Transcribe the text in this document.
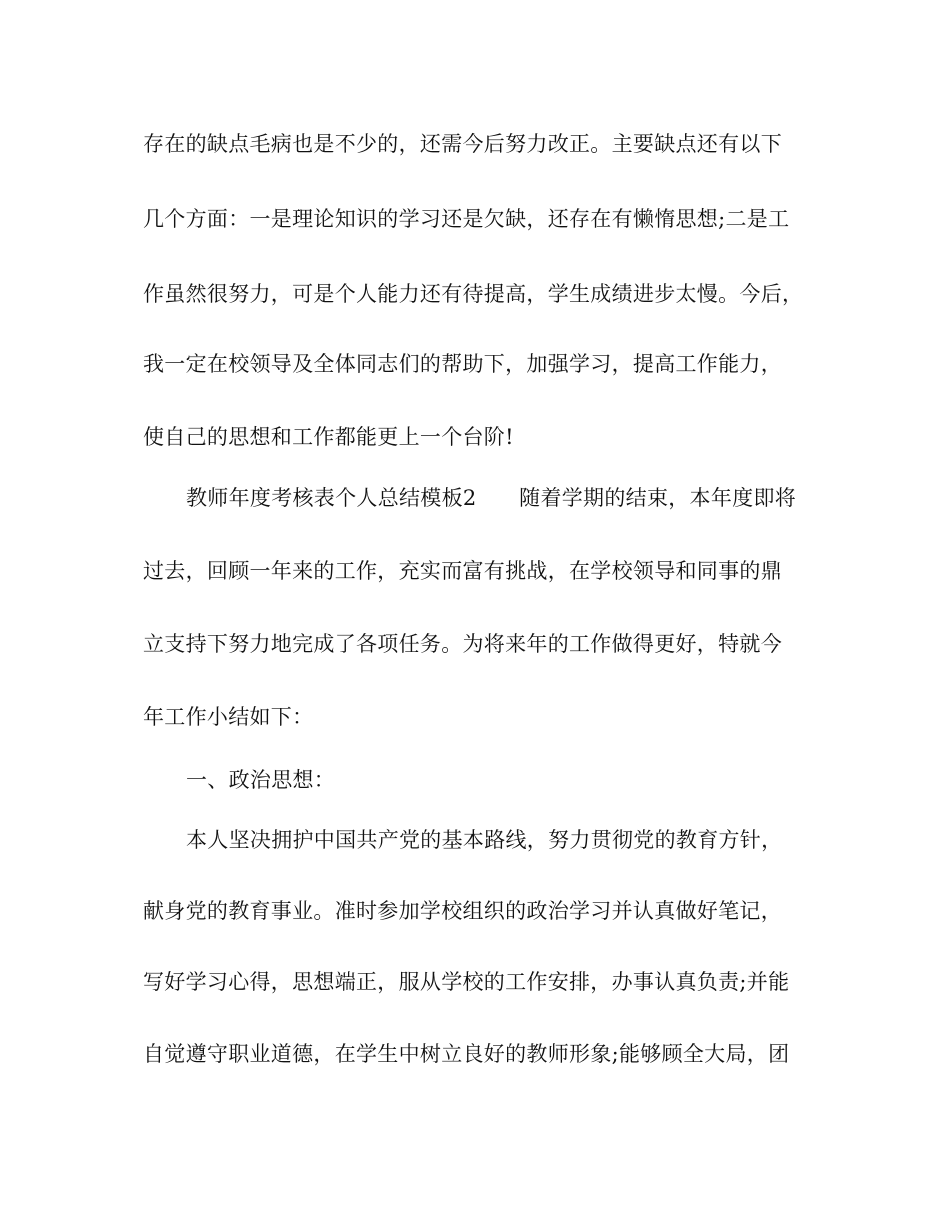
存在的缺点毛病也是不少的，还需今后努力改正。主要缺点还有以下
几个方面：一是理论知识的学习还是欠缺，还存在有懒惰思想;二是工
作虽然很努力，可是个人能力还有待提高，学生成绩进步太慢。今后，
我一定在校领导及全体同志们的帮助下，加强学习，提高工作能力，
使自己的思想和工作都能更上一个台阶!
教师年度考核表个人总结模板2　　随着学期的结束，本年度即将
过去，回顾一年来的工作，充实而富有挑战，在学校领导和同事的鼎
立支持下努力地完成了各项任务。为将来年的工作做得更好，特就今
年工作小结如下：
一、政治思想：
本人坚决拥护中国共产党的基本路线，努力贯彻党的教育方针，
献身党的教育事业。准时参加学校组织的政治学习并认真做好笔记，
写好学习心得，思想端正，服从学校的工作安排，办事认真负责;并能
自觉遵守职业道德，在学生中树立良好的教师形象;能够顾全大局，团
